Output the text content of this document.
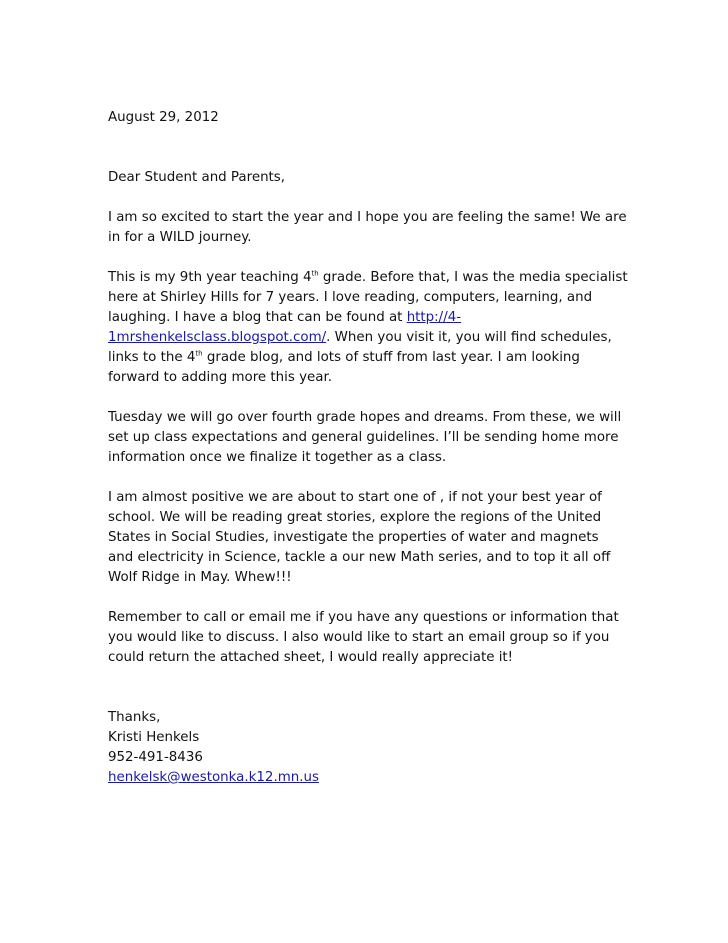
August 29, 2012

Dear Student and Parents,

I am so excited to start the year and I hope you are feeling the same! We are in for a WILD journey.

This is my 9th year teaching 4th grade. Before that, I was the media specialist here at Shirley Hills for 7 years. I love reading, computers, learning, and laughing. I have a blog that can be found at http://4-1mrshenkelsclass.blogspot.com/. When you visit it, you will find schedules, links to the 4th grade blog, and lots of stuff from last year. I am looking forward to adding more this year.

Tuesday we will go over fourth grade hopes and dreams. From these, we will set up class expectations and general guidelines. I’ll be sending home more information once we finalize it together as a class.

I am almost positive we are about to start one of , if not your best year of school. We will be reading great stories, explore the regions of the United States in Social Studies, investigate the properties of water and magnets and electricity in Science, tackle a our new Math series, and to top it all off Wolf Ridge in May. Whew!!!

Remember to call or email me if you have any questions or information that you would like to discuss. I also would like to start an email group so if you could return the attached sheet, I would really appreciate it!

Thanks,
Kristi Henkels
952-491-8436
henkelsk@westonka.k12.mn.us
